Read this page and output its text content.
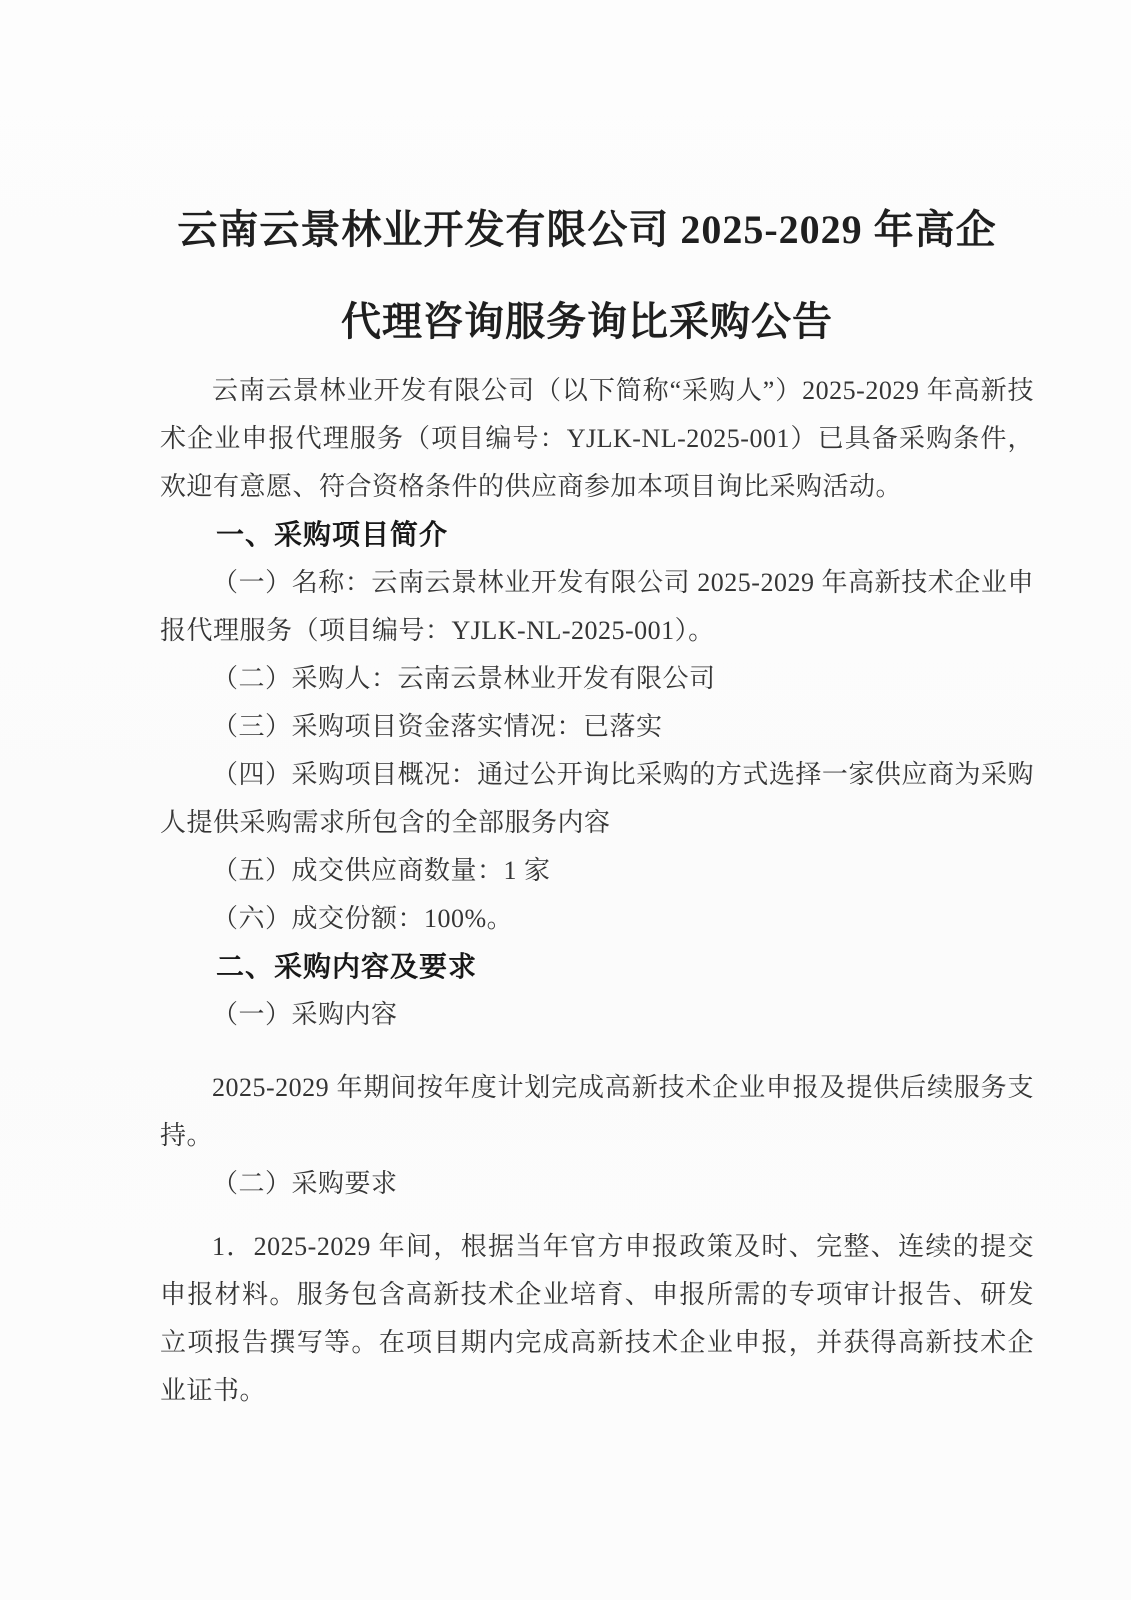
云南云景林业开发有限公司 2025-2029 年高企
代理咨询服务询比采购公告

云南云景林业开发有限公司（以下简称“采购人”）2025-2029 年高新技术企业申报代理服务（项目编号：YJLK-NL-2025-001）已具备采购条件，欢迎有意愿、符合资格条件的供应商参加本项目询比采购活动。

一、采购项目简介

（一）名称：云南云景林业开发有限公司 2025-2029 年高新技术企业申报代理服务（项目编号：YJLK-NL-2025-001）。

（二）采购人：云南云景林业开发有限公司

（三）采购项目资金落实情况：已落实

（四）采购项目概况：通过公开询比采购的方式选择一家供应商为采购人提供采购需求所包含的全部服务内容

（五）成交供应商数量：1 家

（六）成交份额：100%。

二、采购内容及要求

（一）采购内容

2025-2029 年期间按年度计划完成高新技术企业申报及提供后续服务支持。

（二）采购要求

1．2025-2029 年间，根据当年官方申报政策及时、完整、连续的提交申报材料。服务包含高新技术企业培育、申报所需的专项审计报告、研发立项报告撰写等。在项目期内完成高新技术企业申报，并获得高新技术企业证书。
